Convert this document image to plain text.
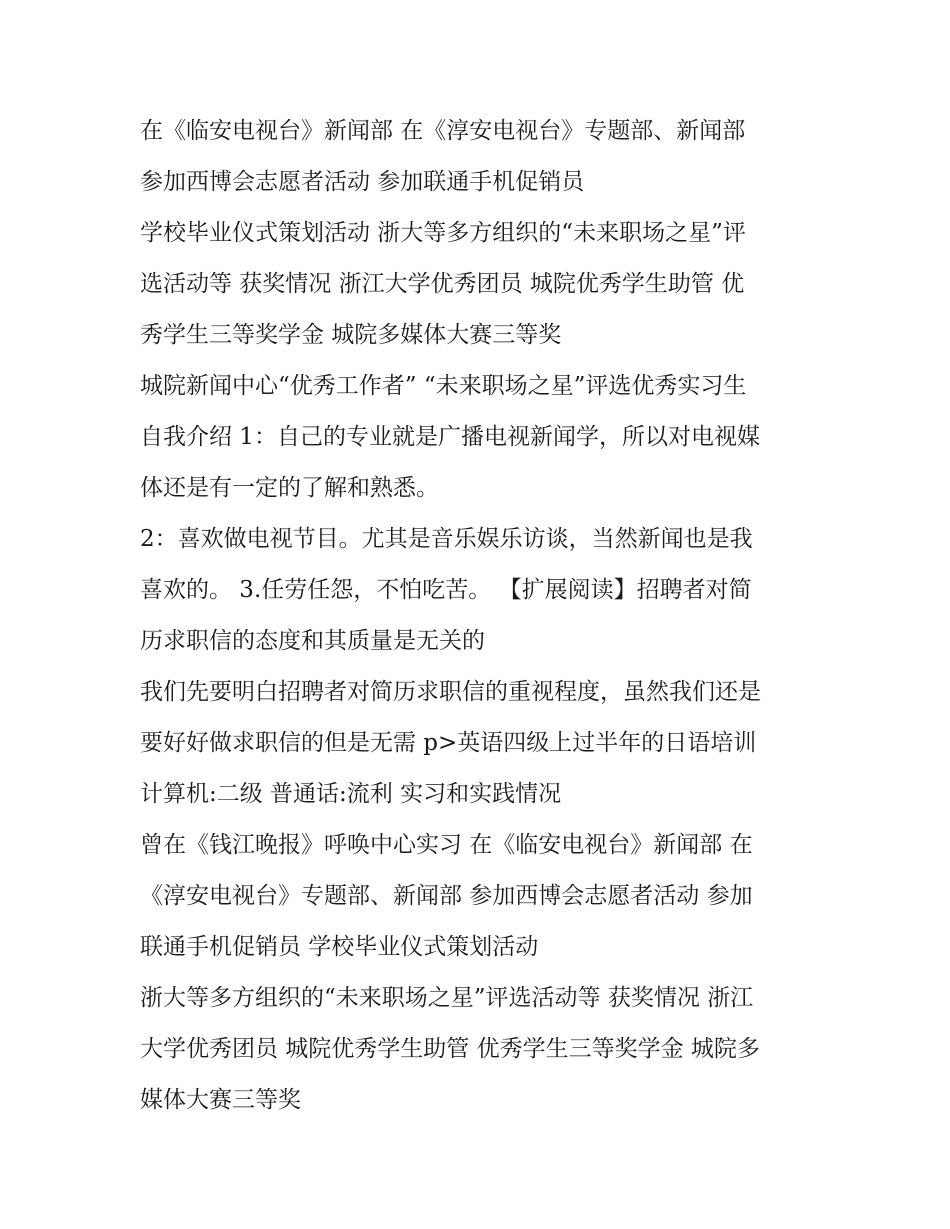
在《临安电视台》新闻部 在《淳安电视台》专题部、新闻部
参加西博会志愿者活动 参加联通手机促销员
学校毕业仪式策划活动 浙大等多方组织的“未来职场之星”评
选活动等 获奖情况 浙江大学优秀团员 城院优秀学生助管 优
秀学生三等奖学金 城院多媒体大赛三等奖
城院新闻中心“优秀工作者” “未来职场之星”评选优秀实习生
自我介绍 1：自己的专业就是广播电视新闻学，所以对电视媒
体还是有一定的了解和熟悉。
2：喜欢做电视节目。尤其是音乐娱乐访谈，当然新闻也是我
喜欢的。 3.任劳任怨，不怕吃苦。 【扩展阅读】招聘者对简
历求职信的态度和其质量是无关的
我们先要明白招聘者对简历求职信的重视程度，虽然我们还是
要好好做求职信的但是无需 p>英语四级上过半年的日语培训
计算机:二级 普通话:流利 实习和实践情况
曾在《钱江晚报》呼唤中心实习 在《临安电视台》新闻部 在
《淳安电视台》专题部、新闻部 参加西博会志愿者活动 参加
联通手机促销员 学校毕业仪式策划活动
浙大等多方组织的“未来职场之星”评选活动等 获奖情况 浙江
大学优秀团员 城院优秀学生助管 优秀学生三等奖学金 城院多
媒体大赛三等奖
